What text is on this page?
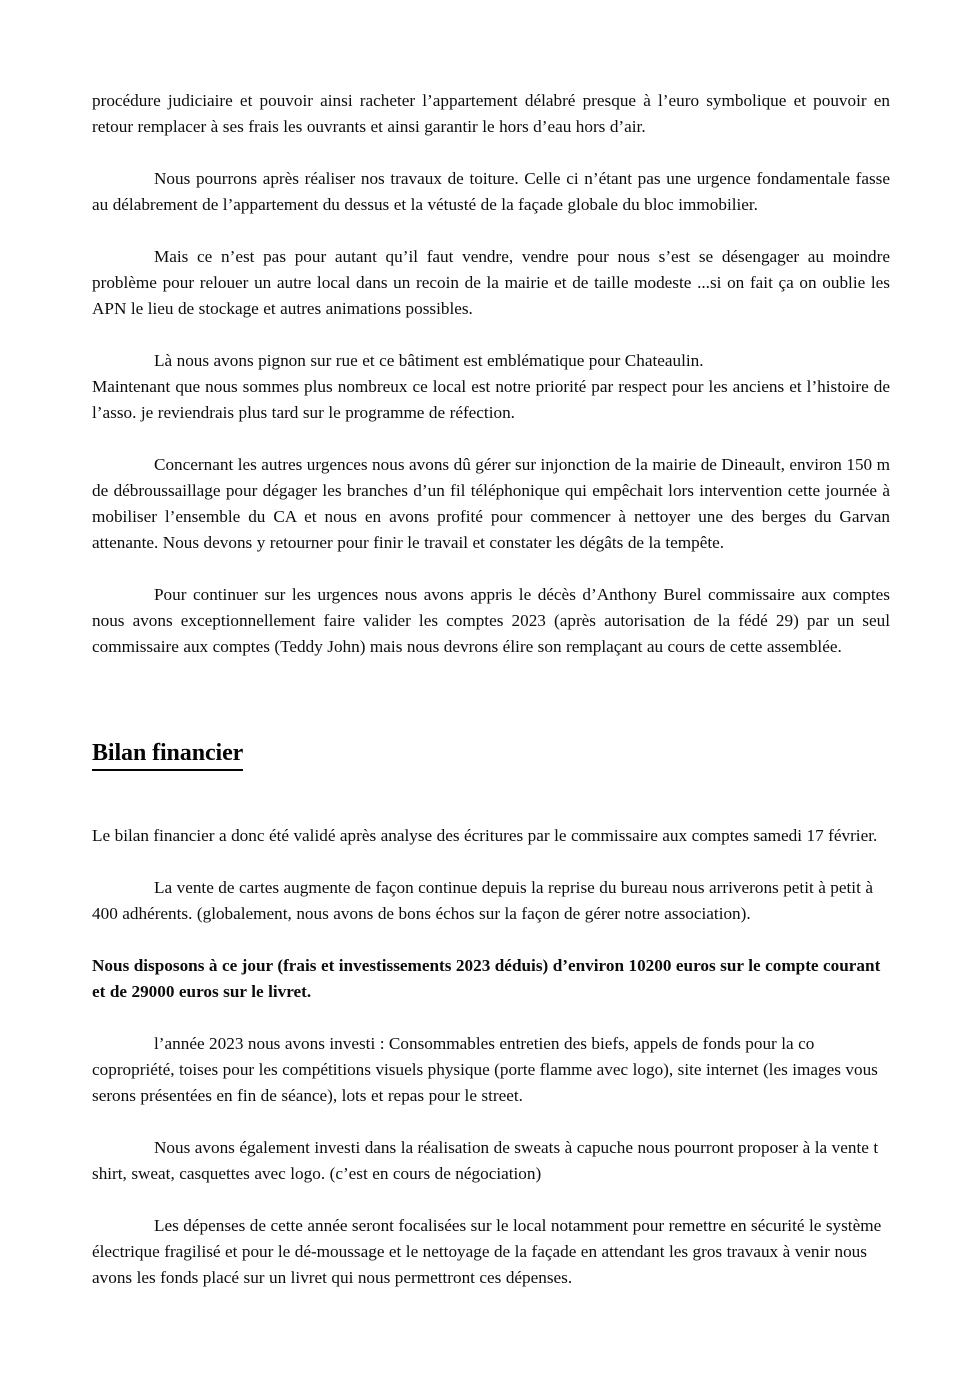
procédure judiciaire et pouvoir ainsi racheter l’appartement délabré presque à l’euro symbolique et pouvoir en retour remplacer à ses frais les ouvrants et ainsi garantir le hors d’eau hors d’air.

Nous pourrons après réaliser nos travaux de toiture. Celle ci n’étant pas une urgence fondamentale fasse au délabrement de l’appartement du dessus et la vétusté de la façade globale du bloc immobilier.

Mais ce n’est pas pour autant qu’il faut vendre, vendre pour nous s’est se désengager au moindre problème pour relouer un autre local dans un recoin de la mairie et de taille modeste ...si on fait ça on oublie les APN le lieu de stockage et autres animations possibles.

Là nous avons pignon sur rue et ce bâtiment est emblématique pour Chateaulin.

Maintenant que nous sommes plus nombreux ce local est notre priorité par respect pour les anciens et l’histoire de l’asso. je reviendrais plus tard sur le programme de réfection.

Concernant les autres urgences nous avons dû gérer sur injonction de la mairie de Dineault, environ 150 m de débroussaillage pour dégager les branches d’un fil téléphonique qui empêchait lors intervention cette journée à mobiliser l’ensemble du CA et nous en avons profité pour commencer à nettoyer une des berges du Garvan attenante. Nous devons y retourner pour finir le travail et constater les dégâts de la tempête.

Pour continuer sur les urgences nous avons appris le décès d’Anthony Burel commissaire aux comptes nous avons exceptionnellement faire valider les comptes 2023 (après autorisation de la fédé 29) par un seul commissaire aux comptes (Teddy John) mais nous devrons élire son remplaçant au cours de cette assemblée.

Bilan financier

Le bilan financier a donc été validé après analyse des écritures par le commissaire aux comptes samedi 17 février.

La vente de cartes augmente de façon continue depuis la reprise du bureau nous arriverons petit à petit à 400 adhérents. (globalement, nous avons de bons échos sur la façon de gérer notre association).

Nous disposons à ce jour (frais et investissements 2023 déduis) d’environ 10200 euros sur le compte courant et de 29000 euros sur le livret.

l’année 2023 nous avons investi : Consommables entretien des biefs, appels de fonds pour la co copropriété, toises pour les compétitions visuels physique (porte flamme avec logo), site internet (les images vous serons présentées en fin de séance), lots et repas pour le street.

Nous avons également investi dans la réalisation de sweats à capuche nous pourront proposer à la vente t shirt, sweat, casquettes avec logo. (c’est en cours de négociation)

Les dépenses de cette année seront focalisées sur le local notamment pour remettre en sécurité le système électrique fragilisé et pour le dé-moussage et le nettoyage de la façade en attendant les gros travaux à venir nous avons les fonds placé sur un livret qui nous permettront ces dépenses.
